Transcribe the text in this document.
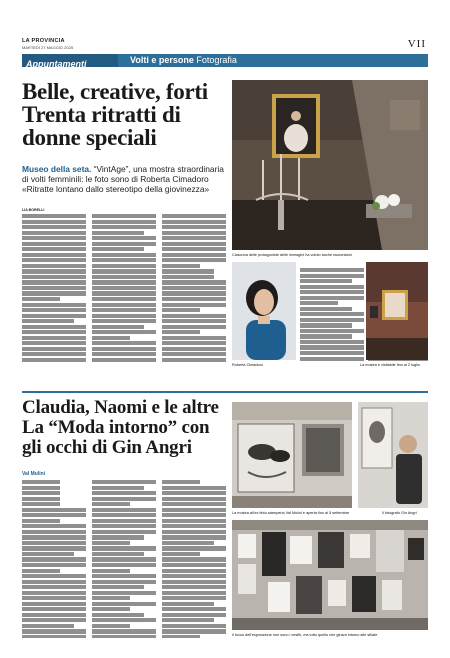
LA PROVINCIA
MARTEDÌ 27 MAGGIO 2025	VII
Appuntamenti	Volti e persone Fotografia
Belle, creative, forti Trenta ritratti di donne speciali
Museo della seta. “VintAge”, una mostra straordinaria di volti femminili: le foto sono di Roberta Cimadoro «Ritratte lontano dallo stereotipo della giovinezza»
LIA BORELLI
Ciascuna delle protagoniste delle immagini ha voluto anche raccontarsi
Roberta Cimadoro	La mostra è visitabile fino al 2 luglio
Claudia, Naomi e le altre La “Moda intorno” con gli occhi di Gin Angri
Val Mulini
La mostra all'ex tinto-stamperia Val Mulini è aperta fino al 5 settembre	Il fotografo Gin Angri
Il focus dell'esposizione non sono i vestiti, ma tutto quello che girava intorno alle sfilate
